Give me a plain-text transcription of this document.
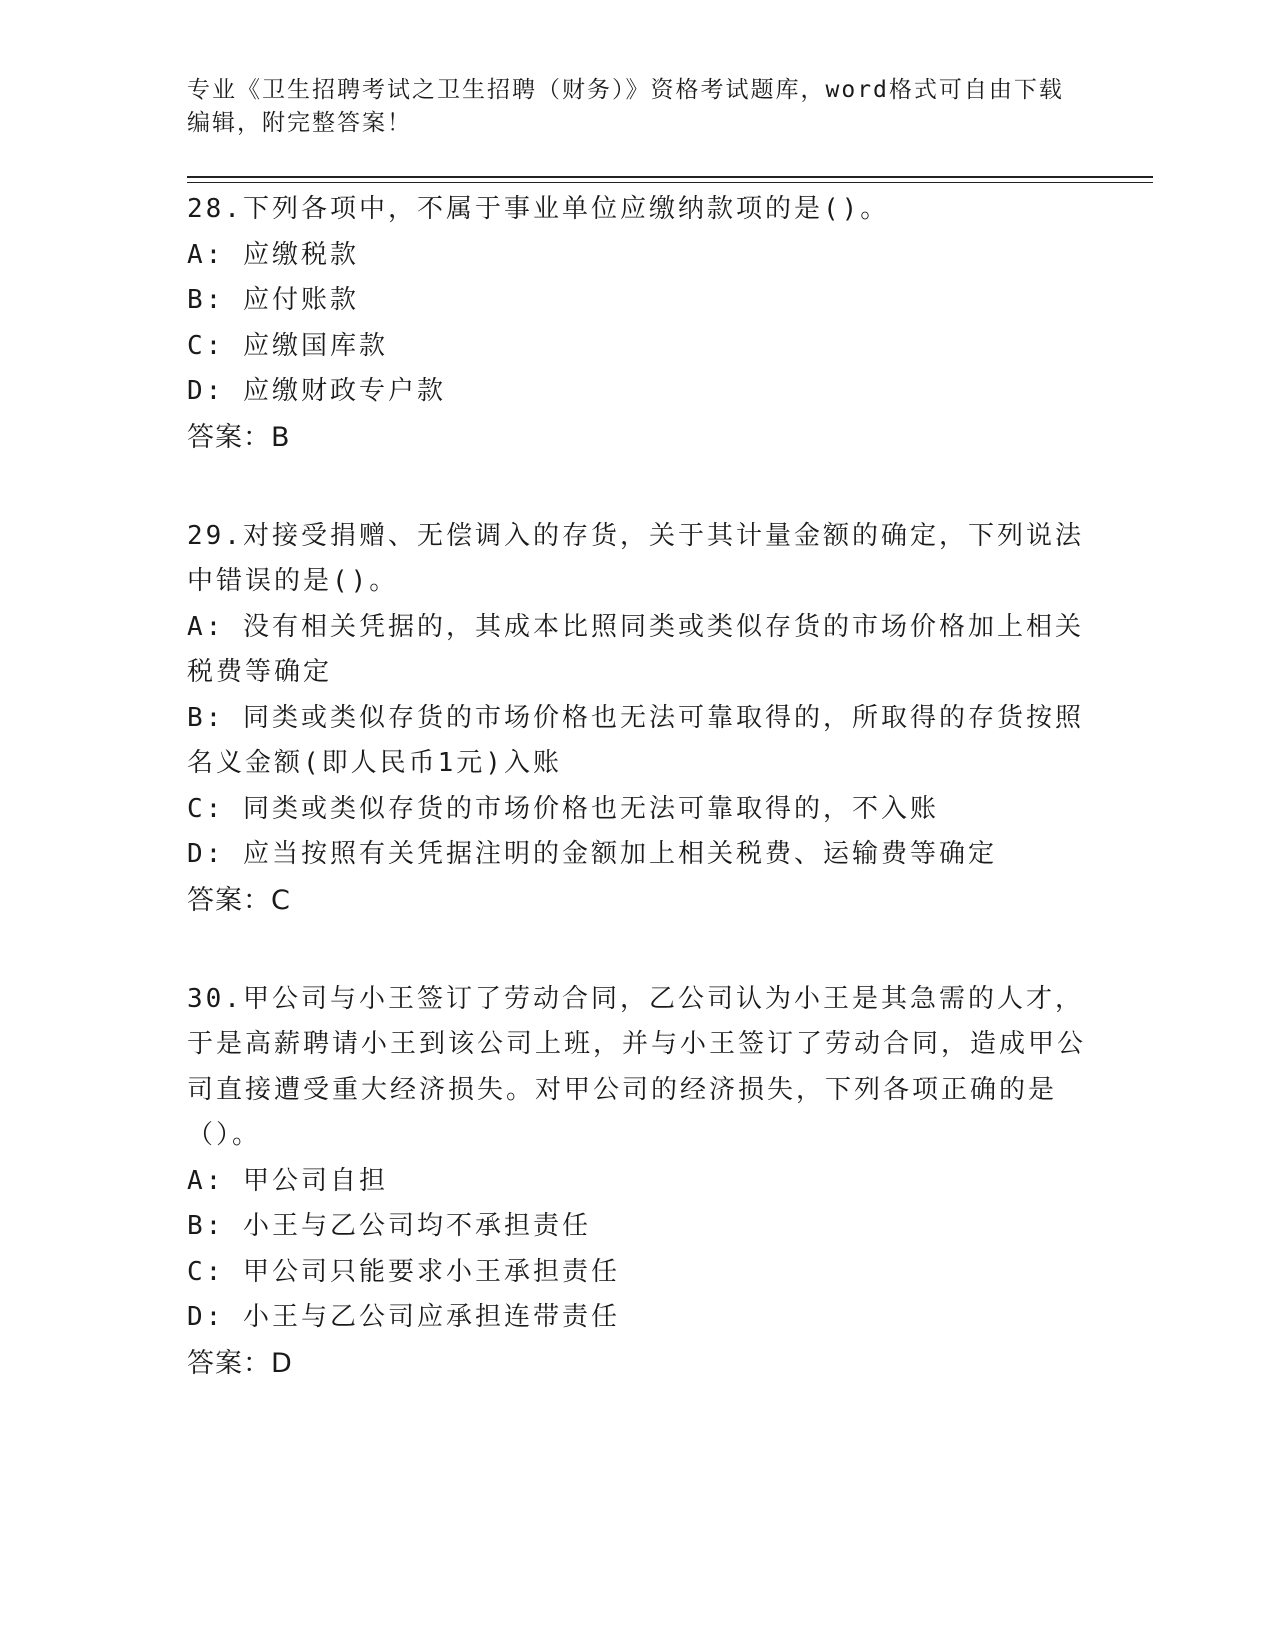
专业《卫生招聘考试之卫生招聘（财务）》资格考试题库，word格式可自由下载
编辑，附完整答案！
28.下列各项中，不属于事业单位应缴纳款项的是()。
A: 应缴税款
B: 应付账款
C: 应缴国库款
D: 应缴财政专户款
答案：B
29.对接受捐赠、无偿调入的存货，关于其计量金额的确定，下列说法中错误的是()。
A: 没有相关凭据的，其成本比照同类或类似存货的市场价格加上相关税费等确定
B: 同类或类似存货的市场价格也无法可靠取得的，所取得的存货按照名义金额(即人民币1元)入账
C: 同类或类似存货的市场价格也无法可靠取得的，不入账
D: 应当按照有关凭据注明的金额加上相关税费、运输费等确定
答案：C
30.甲公司与小王签订了劳动合同，乙公司认为小王是其急需的人才，于是高薪聘请小王到该公司上班，并与小王签订了劳动合同，造成甲公司直接遭受重大经济损失。对甲公司的经济损失，下列各项正确的是（）。
A: 甲公司自担
B: 小王与乙公司均不承担责任
C: 甲公司只能要求小王承担责任
D: 小王与乙公司应承担连带责任
答案：D
